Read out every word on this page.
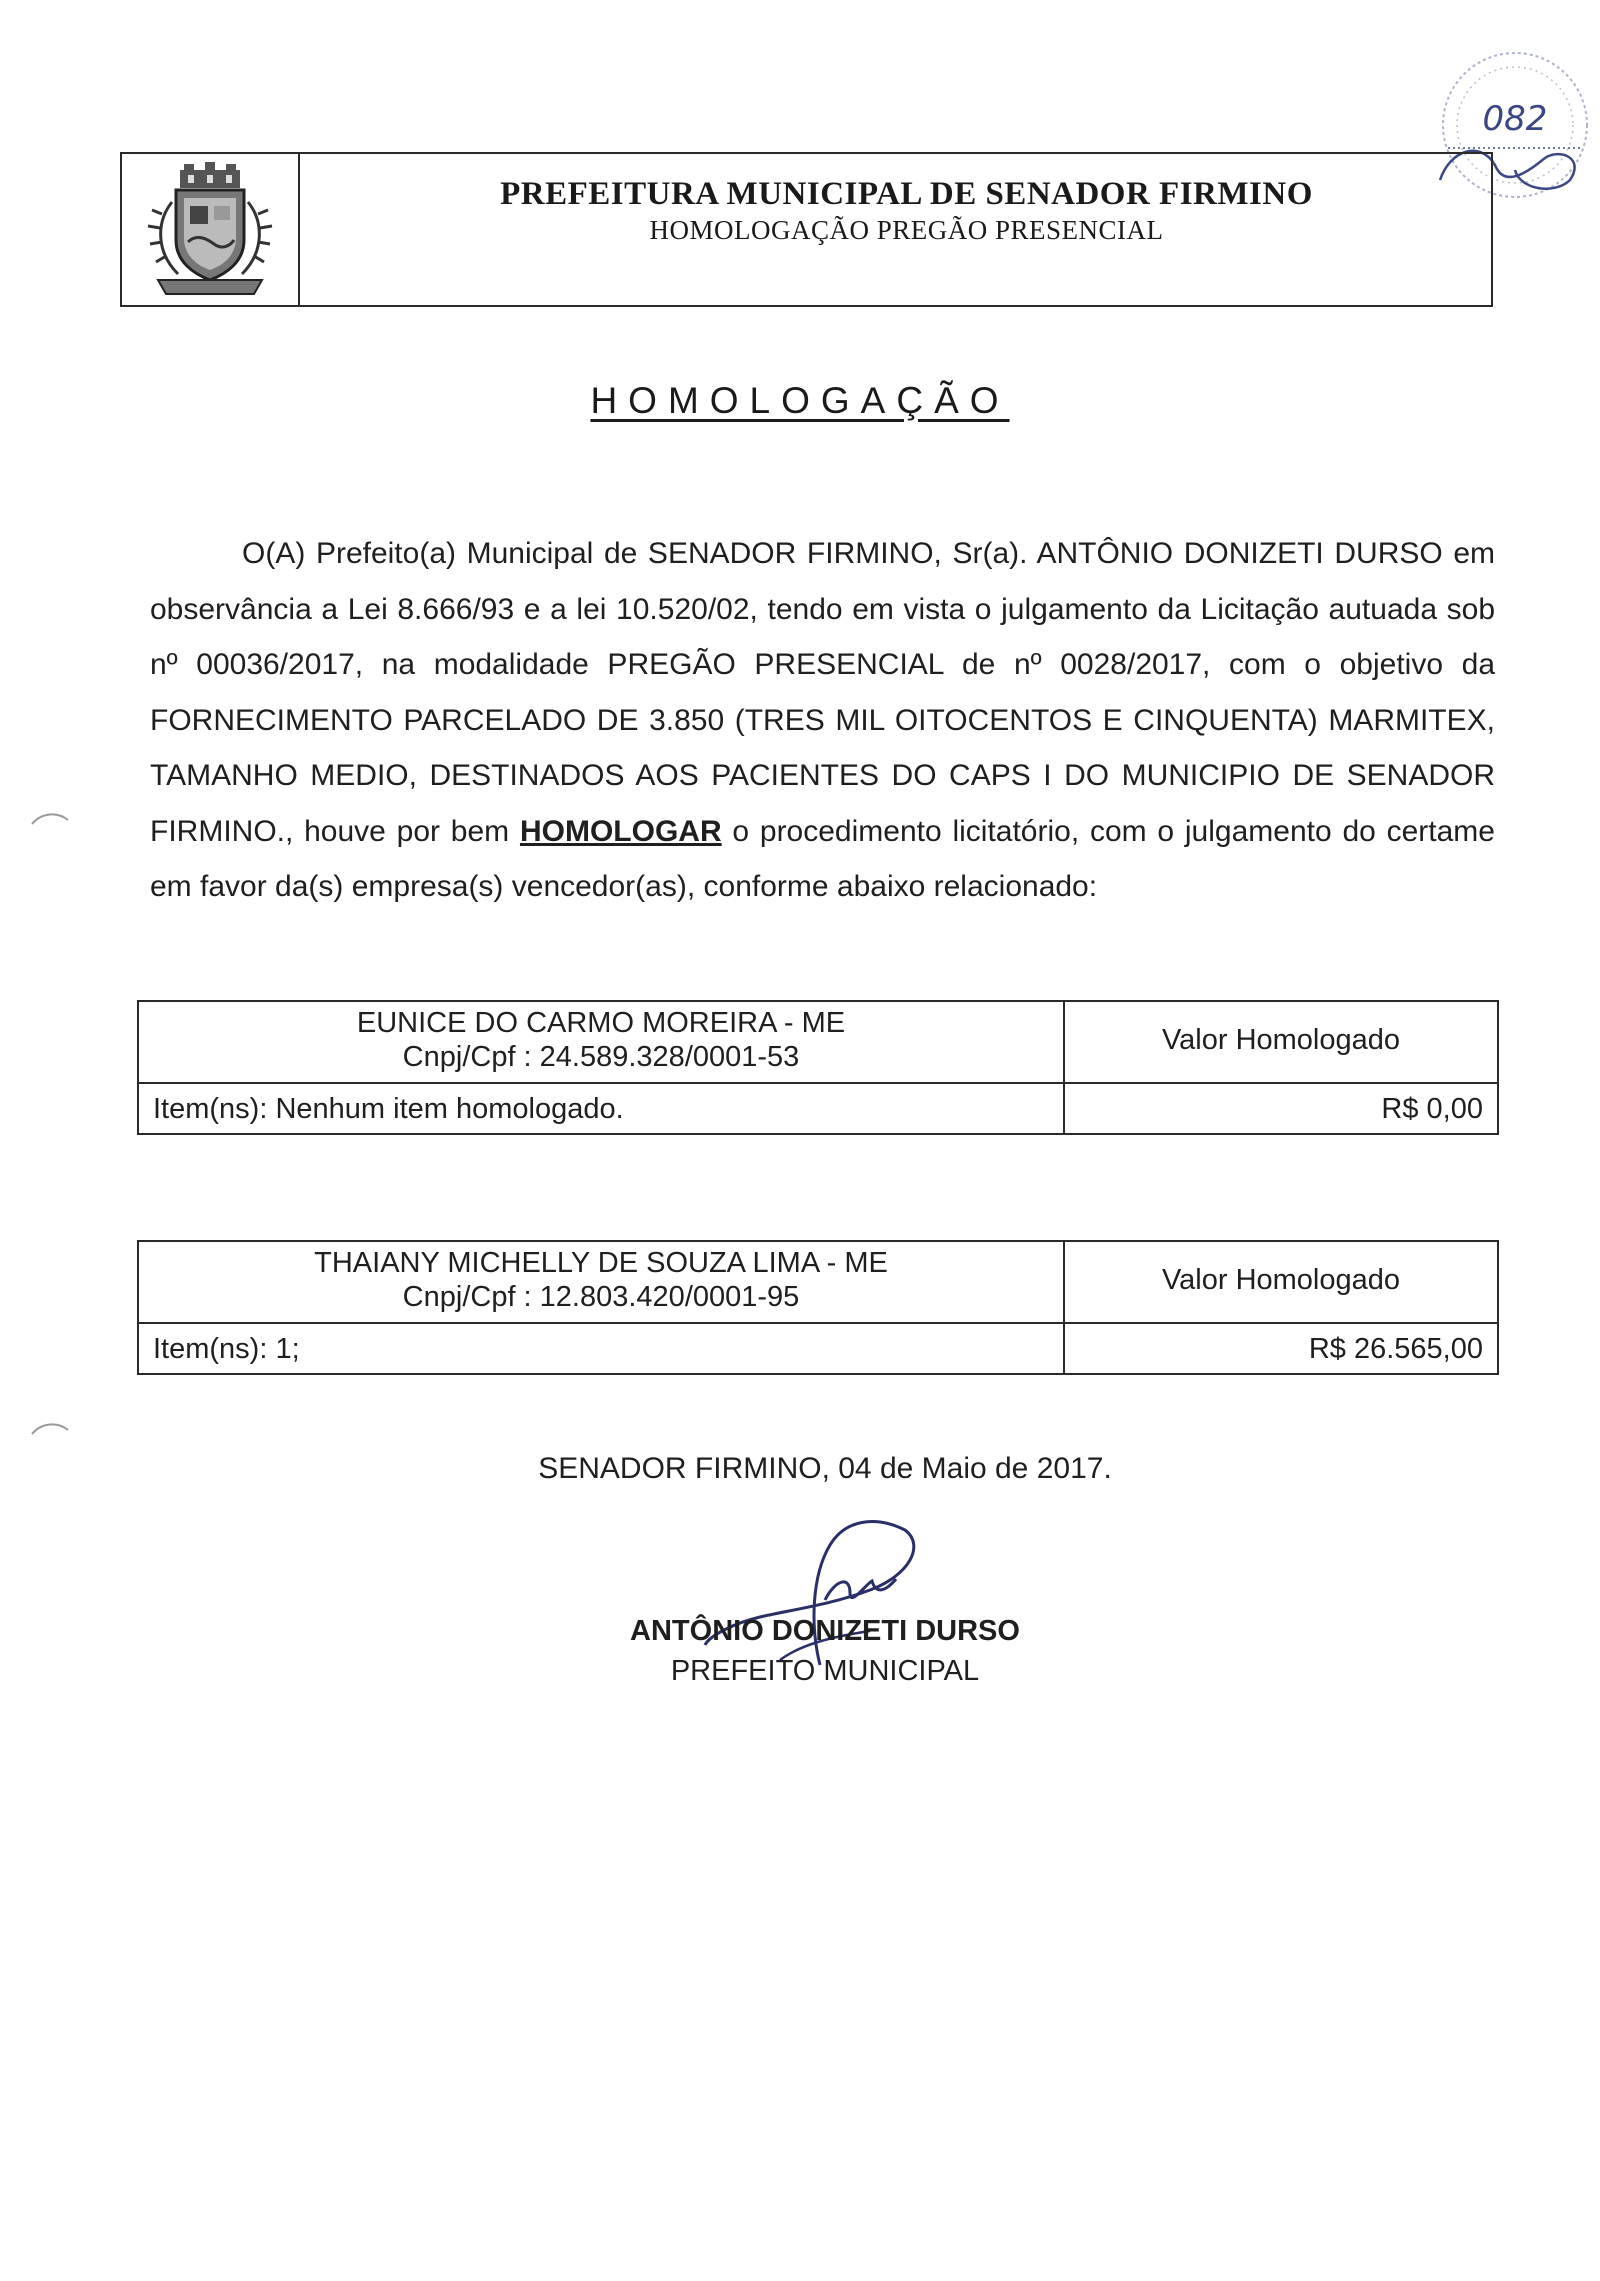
082
PREFEITURA MUNICIPAL DE SENADOR FIRMINO
HOMOLOGAÇÃO PREGÃO PRESENCIAL
HOMOLOGAÇÃO
O(A) Prefeito(a) Municipal de SENADOR FIRMINO, Sr(a). ANTÔNIO DONIZETI DURSO em observância a Lei 8.666/93 e a lei 10.520/02, tendo em vista o julgamento da Licitação autuada sob nº 00036/2017, na modalidade PREGÃO PRESENCIAL de nº 0028/2017, com o objetivo da FORNECIMENTO PARCELADO DE 3.850 (TRES MIL OITOCENTOS E CINQUENTA) MARMITEX, TAMANHO MEDIO, DESTINADOS AOS PACIENTES DO CAPS I DO MUNICIPIO DE SENADOR FIRMINO., houve por bem HOMOLOGAR o procedimento licitatório, com o julgamento do certame em favor da(s) empresa(s) vencedor(as), conforme abaixo relacionado:
EUNICE DO CARMO MOREIRA - ME
Cnpj/Cpf : 24.589.328/0001-53
Valor Homologado
Item(ns): Nenhum item homologado.	R$ 0,00
THAIANY MICHELLY DE SOUZA LIMA - ME
Cnpj/Cpf : 12.803.420/0001-95
Valor Homologado
Item(ns): 1;	R$ 26.565,00
SENADOR FIRMINO, 04 de Maio de 2017.
ANTÔNIO DONIZETI DURSO
PREFEITO MUNICIPAL
